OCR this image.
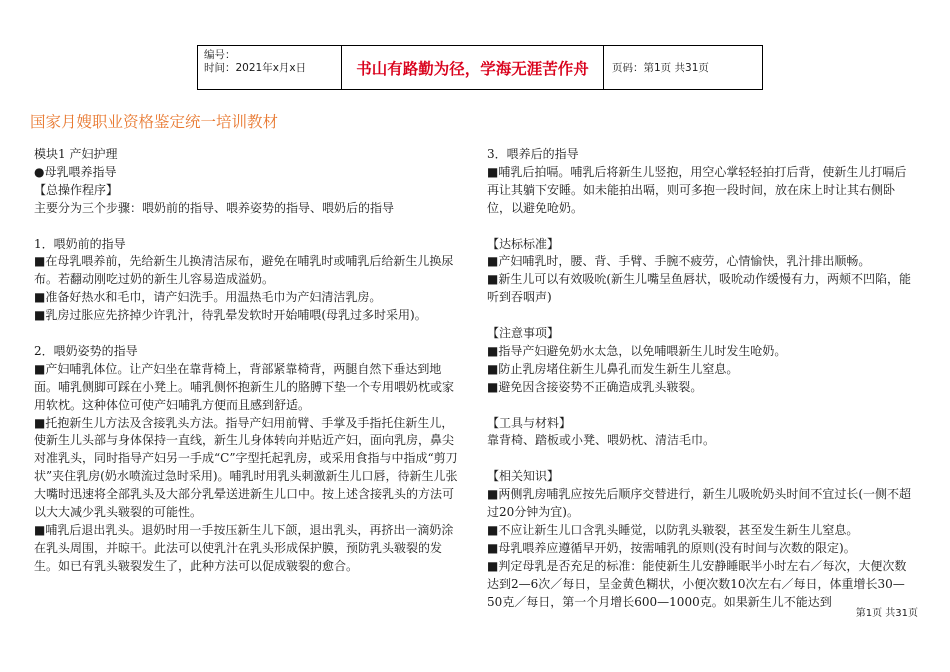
编号：
时间：2021年x月x日	书山有路勤为径，学海无涯苦作舟	页码：第1页 共31页
国家月嫂职业资格鉴定统一培训教材

模块1 产妇护理

●母乳喂养指导

【总操作程序】

主要分为三个步骤：喂奶前的指导、喂养姿势的指导、喂奶后的指导

1．喂奶前的指导

■在母乳喂养前，先给新生儿换清洁尿布，避免在哺乳时或哺乳后给新生儿换尿布。若翻动刚吃过奶的新生儿容易造成溢奶。

■准备好热水和毛巾，请产妇洗手。用温热毛巾为产妇清洁乳房。

■乳房过胀应先挤掉少许乳汁，待乳晕发软时开始哺喂(母乳过多时采用)。

2．喂奶姿势的指导

■产妇哺乳体位。让产妇坐在靠背椅上，背部紧靠椅背，两腿自然下垂达到地面。哺乳侧脚可踩在小凳上。哺乳侧怀抱新生儿的胳膊下垫一个专用喂奶枕或家用软枕。这种体位可使产妇哺乳方便而且感到舒适。

■托抱新生儿方法及含接乳头方法。指导产妇用前臂、手掌及手指托住新生儿，使新生儿头部与身体保持一直线，新生儿身体转向并贴近产妇，面向乳房，鼻尖对准乳头，同时指导产妇另一手成“C”字型托起乳房，或采用食指与中指成“剪刀状”夹住乳房(奶水喷流过急时采用)。哺乳时用乳头刺激新生儿口唇，待新生儿张大嘴时迅速将全部乳头及大部分乳晕送进新生儿口中。按上述含接乳头的方法可以大大减少乳头皲裂的可能性。

■哺乳后退出乳头。退奶时用一手按压新生儿下颌，退出乳头，再挤出一滴奶涂在乳头周围，并晾干。此法可以使乳汁在乳头形成保护膜，预防乳头皲裂的发生。如已有乳头皲裂发生了，此种方法可以促成皲裂的愈合。

3．喂养后的指导

■哺乳后拍嗝。哺乳后将新生儿竖抱，用空心掌轻轻拍打后背，使新生儿打嗝后再让其躺下安睡。如未能拍出嗝，则可多抱一段时间，放在床上时让其右侧卧位，以避免呛奶。

【达标标准】

■产妇哺乳时，腰、背、手臂、手腕不疲劳，心情愉快，乳汁排出顺畅。

■新生儿可以有效吸吮(新生儿嘴呈鱼唇状，吸吮动作缓慢有力，两颊不凹陷，能听到吞咽声)

【注意事项】

■指导产妇避免奶水太急，以免哺喂新生儿时发生呛奶。

■防止乳房堵住新生儿鼻孔而发生新生儿窒息。

■避免因含接姿势不正确造成乳头皲裂。

【工具与材料】

靠背椅、踏板或小凳、喂奶枕、清洁毛巾。

【相关知识】

■两侧乳房哺乳应按先后顺序交替进行，新生儿吸吮奶头时间不宜过长(一侧不超过20分钟为宜)。

■不应让新生儿口含乳头睡觉，以防乳头皲裂，甚至发生新生儿窒息。

■母乳喂养应遵循早开奶，按需哺乳的原则(没有时间与次数的限定)。

■判定母乳是否充足的标准：能使新生儿安静睡眠半小时左右／每次，大便次数达到2—6次／每日，呈金黄色糊状，小便次数10次左右／每日，体重增长30—50克／每日，第一个月增长600—1000克。如果新生儿不能达到

第1页 共31页
